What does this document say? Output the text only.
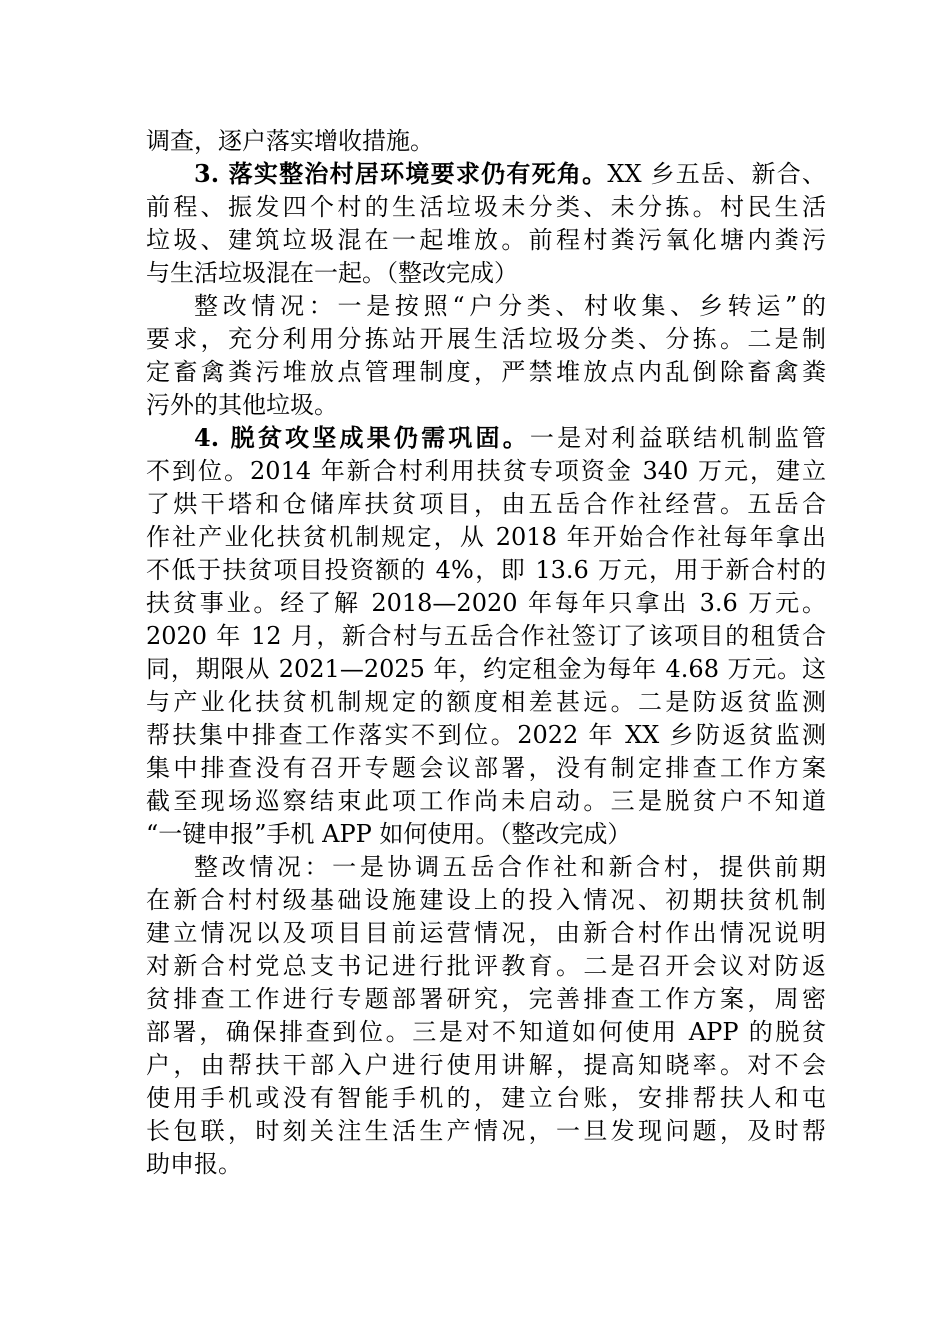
调查，逐户落实增收措施。
3. 落实整治村居环境要求仍有死角。XX 乡五岳、新合、
前程、振发四个村的生活垃圾未分类、未分拣。村民生活
垃圾、建筑垃圾混在一起堆放。前程村粪污氧化塘内粪污
与生活垃圾混在一起。（整改完成）
整改情况：一是按照“户分类、村收集、乡转运”的
要求，充分利用分拣站开展生活垃圾分类、分拣。二是制
定畜禽粪污堆放点管理制度，严禁堆放点内乱倒除畜禽粪
污外的其他垃圾。
4. 脱贫攻坚成果仍需巩固。一是对利益联结机制监管
不到位。2014 年新合村利用扶贫专项资金 340 万元，建立
了烘干塔和仓储库扶贫项目，由五岳合作社经营。五岳合
作社产业化扶贫机制规定，从 2018 年开始合作社每年拿出
不低于扶贫项目投资额的 4%，即 13.6 万元，用于新合村的
扶贫事业。经了解 2018—2020 年每年只拿出 3.6 万元。
2020 年 12 月，新合村与五岳合作社签订了该项目的租赁合
同，期限从 2021—2025 年，约定租金为每年 4.68 万元。这
与产业化扶贫机制规定的额度相差甚远。二是防返贫监测
帮扶集中排查工作落实不到位。2022 年 XX 乡防返贫监测
集中排查没有召开专题会议部署，没有制定排查工作方案
截至现场巡察结束此项工作尚未启动。三是脱贫户不知道
“一键申报”手机 APP 如何使用。（整改完成）
整改情况：一是协调五岳合作社和新合村，提供前期
在新合村村级基础设施建设上的投入情况、初期扶贫机制
建立情况以及项目目前运营情况，由新合村作出情况说明
对新合村党总支书记进行批评教育。二是召开会议对防返
贫排查工作进行专题部署研究，完善排查工作方案，周密
部署，确保排查到位。三是对不知道如何使用 APP 的脱贫
户，由帮扶干部入户进行使用讲解，提高知晓率。对不会
使用手机或没有智能手机的，建立台账，安排帮扶人和屯
长包联，时刻关注生活生产情况，一旦发现问题，及时帮
助申报。
